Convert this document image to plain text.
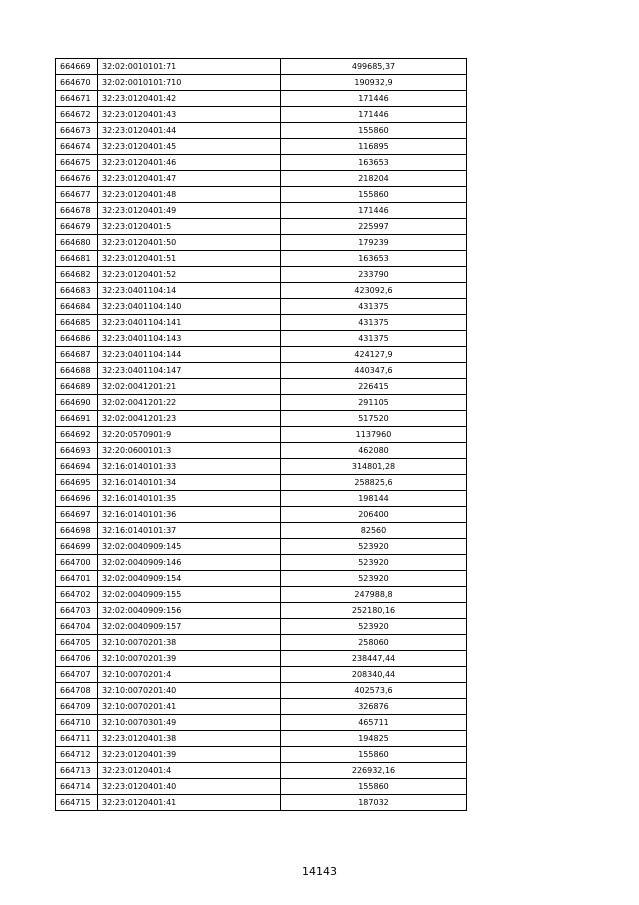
664669	32:02:0010101:71	499685,37
664670	32:02:0010101:710	190932,9
664671	32:23:0120401:42	171446
664672	32:23:0120401:43	171446
664673	32:23:0120401:44	155860
664674	32:23:0120401:45	116895
664675	32:23:0120401:46	163653
664676	32:23:0120401:47	218204
664677	32:23:0120401:48	155860
664678	32:23:0120401:49	171446
664679	32:23:0120401:5	225997
664680	32:23:0120401:50	179239
664681	32:23:0120401:51	163653
664682	32:23:0120401:52	233790
664683	32:23:0401104:14	423092,6
664684	32:23:0401104:140	431375
664685	32:23:0401104:141	431375
664686	32:23:0401104:143	431375
664687	32:23:0401104:144	424127,9
664688	32:23:0401104:147	440347,6
664689	32:02:0041201:21	226415
664690	32:02:0041201:22	291105
664691	32:02:0041201:23	517520
664692	32:20:0570901:9	1137960
664693	32:20:0600101:3	462080
664694	32:16:0140101:33	314801,28
664695	32:16:0140101:34	258825,6
664696	32:16:0140101:35	198144
664697	32:16:0140101:36	206400
664698	32:16:0140101:37	82560
664699	32:02:0040909:145	523920
664700	32:02:0040909:146	523920
664701	32:02:0040909:154	523920
664702	32:02:0040909:155	247988,8
664703	32:02:0040909:156	252180,16
664704	32:02:0040909:157	523920
664705	32:10:0070201:38	258060
664706	32:10:0070201:39	238447,44
664707	32:10:0070201:4	208340,44
664708	32:10:0070201:40	402573,6
664709	32:10:0070201:41	326876
664710	32:10:0070301:49	465711
664711	32:23:0120401:38	194825
664712	32:23:0120401:39	155860
664713	32:23:0120401:4	226932,16
664714	32:23:0120401:40	155860
664715	32:23:0120401:41	187032
14143
